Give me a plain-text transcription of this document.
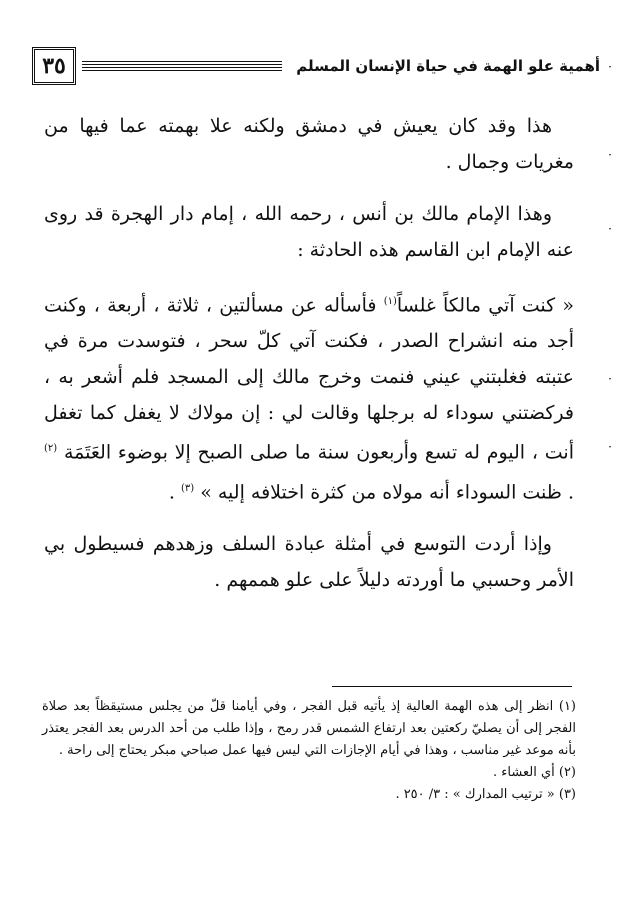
أهمية علو الهمة في حياة الإنسان المسلم
٣٥

هذا وقد كان يعيش في دمشق ولكنه علا بهمته عما فيها من مغريات وجمال .

وهذا الإمام مالك بن أنس ، رحمه الله ، إمام دار الهجرة قد روى عنه الإمام ابن القاسم هذه الحادثة :

« كنت آتي مالكاً غلساً$^{(١)}$ فأسأله عن مسألتين ، ثلاثة ، أربعة ، وكنت أجد منه انشراح الصدر ، فكنت آتي كلّ سحر ، فتوسدت مرة في عتبته فغلبتني عيني فنمت وخرج مالك إلى المسجد فلم أشعر به ، فركضتني سوداء له برجلها وقالت لي : إن مولاك لا يغفل كما تغفل أنت ، اليوم له تسع وأربعون سنة ما صلى الصبح إلا بوضوء العَتَمَة $^{(٢)}$ . ظنت السوداء أنه مولاه من كثرة اختلافه إليه » $^{(٣)}$ .

وإذا أردت التوسع في أمثلة عبادة السلف وزهدهم فسيطول بي الأمر وحسبي ما أوردته دليلاً على علو هممهم .

(١) انظر إلى هذه الهمة العالية إذ يأتيه قبل الفجر ، وفي أيامنا قلّ من يجلس مستيقظاً بعد صلاة الفجر إلى أن يصليّ ركعتين بعد ارتفاع الشمس قدر رمح ، وإذا طلب من أحد الدرس بعد الفجر يعتذر بأنه موعد غير مناسب ، وهذا في أيام الإجازات التي ليس فيها عمل صباحي مبكر يحتاج إلى راحة .

(٢) أي العشاء .

(٣) « ترتيب المدارك » : ٣/ ٢٥٠ .

·
·
·
·
·
